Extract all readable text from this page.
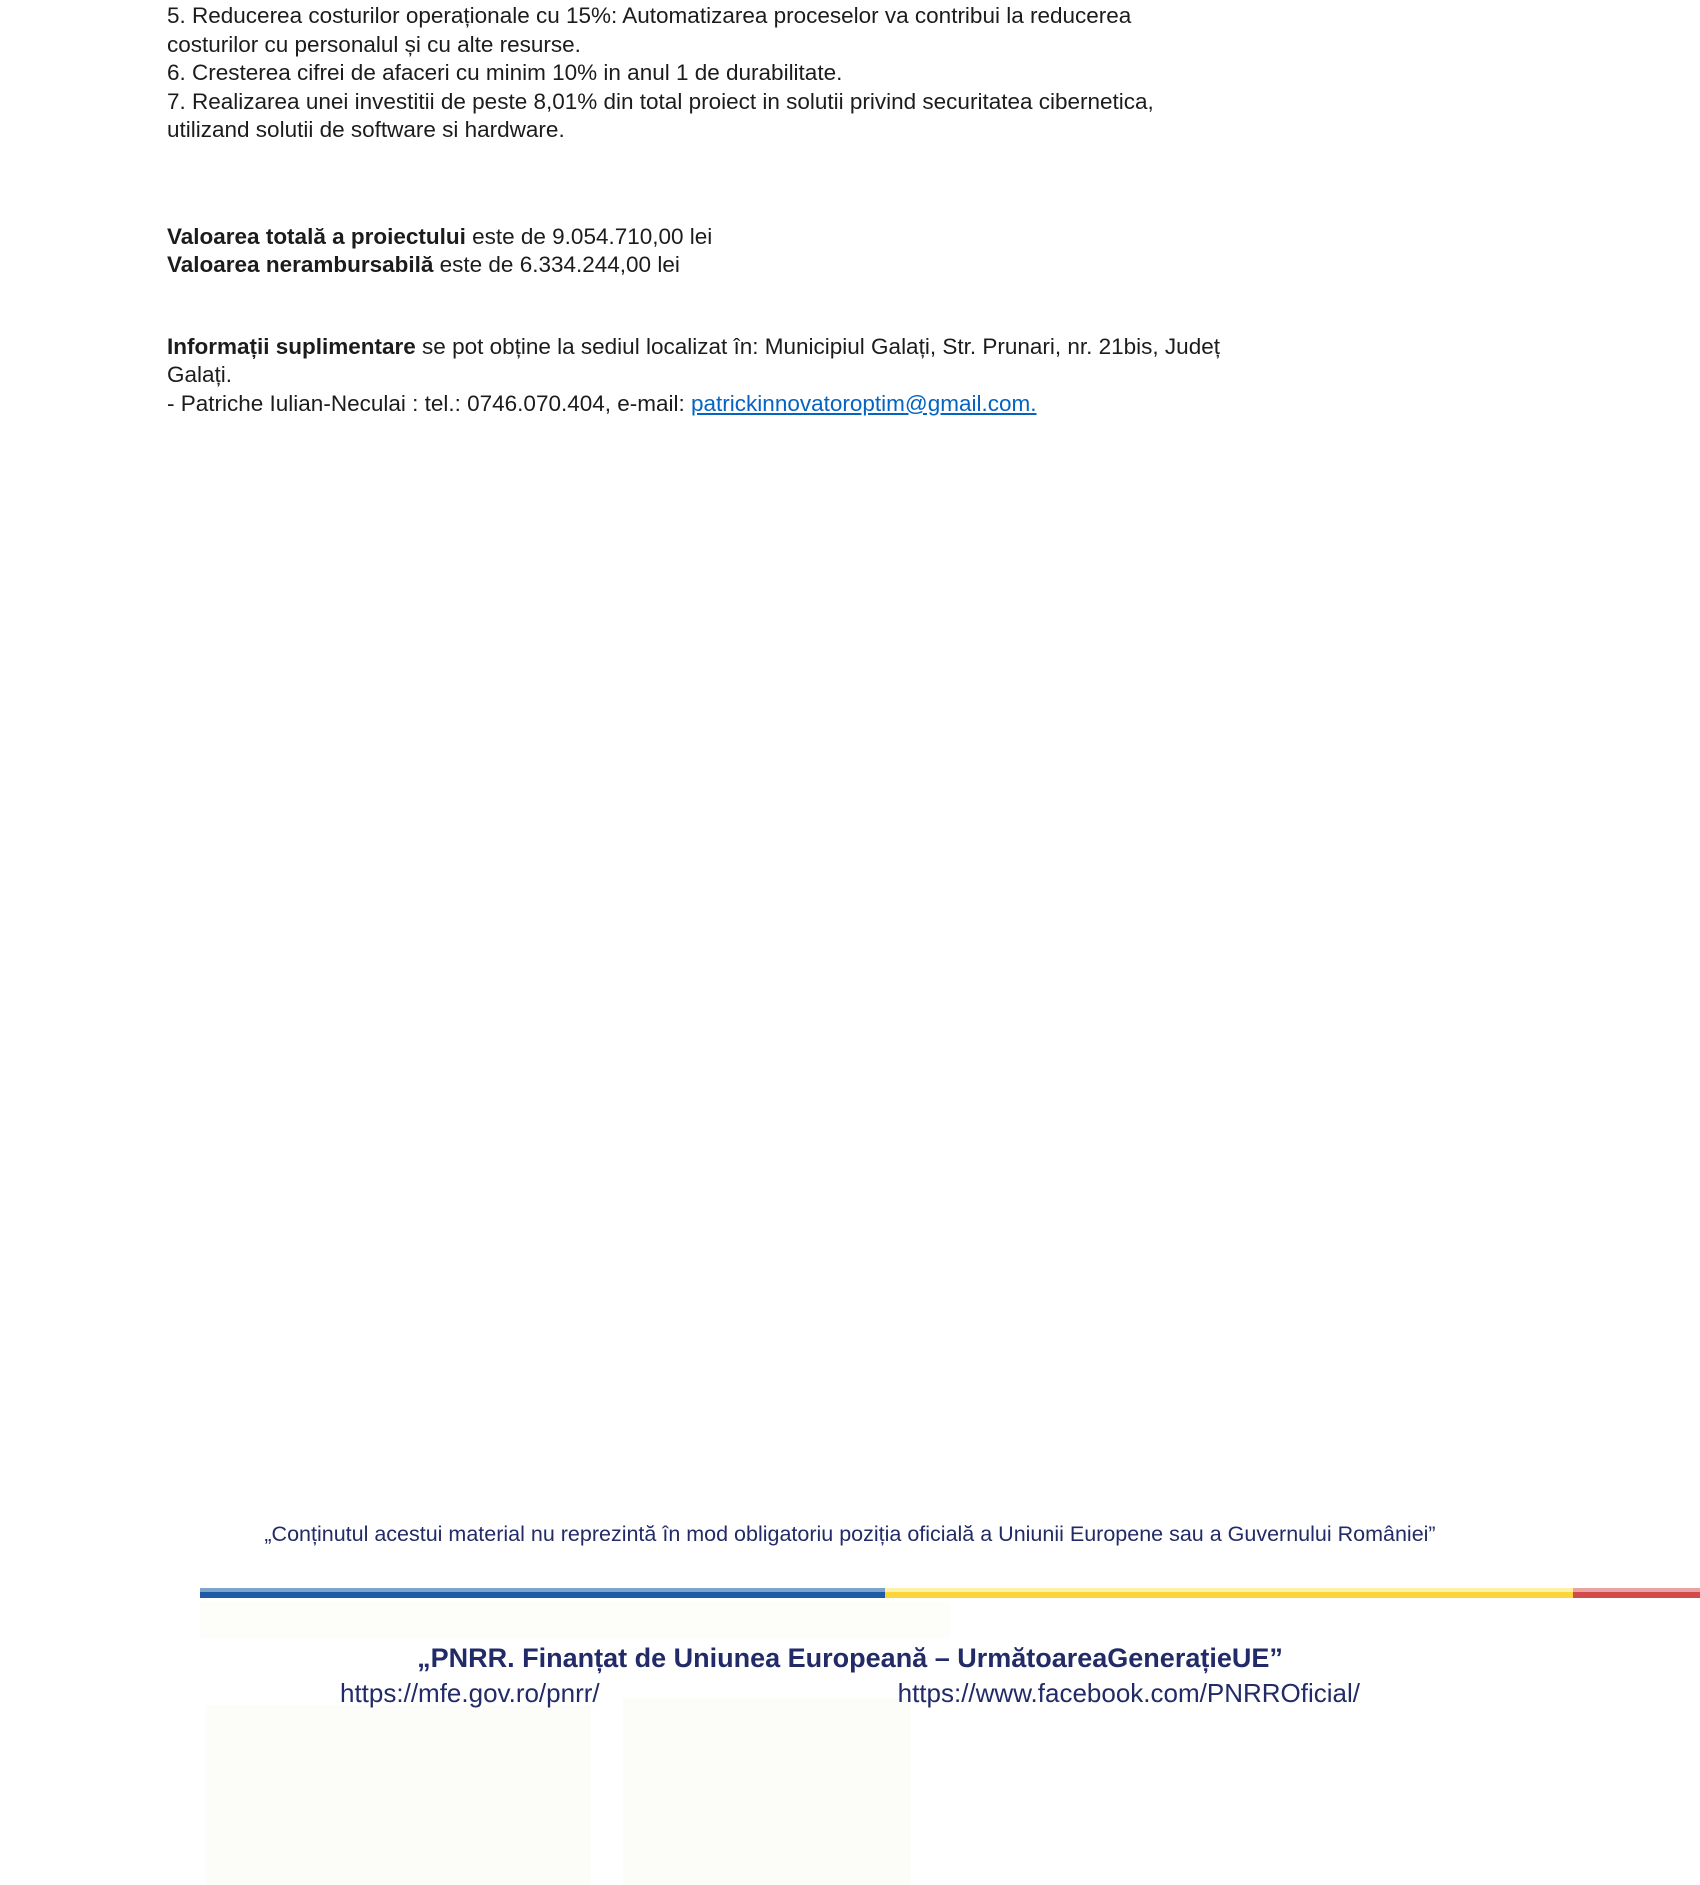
5. Reducerea costurilor operaționale cu 15%: Automatizarea proceselor va contribui la reducerea
costurilor cu personalul și cu alte resurse.
6. Cresterea cifrei de afaceri cu minim 10% in anul 1 de durabilitate.
7. Realizarea unei investitii de peste 8,01% din total proiect in solutii privind securitatea cibernetica,
utilizand solutii de software si hardware.
Valoarea totală a proiectului este de 9.054.710,00 lei
Valoarea nerambursabilă este de 6.334.244,00 lei
Informații suplimentare se pot obține la sediul localizat în: Municipiul Galați, Str. Prunari, nr. 21bis, Județ
Galați.
- Patriche Iulian-Neculai : tel.: 0746.070.404, e-mail: patrickinnovatoroptim@gmail.com.
„Conținutul acestui material nu reprezintă în mod obligatoriu poziția oficială a Uniunii Europene sau a Guvernului României”
„PNRR. Finanțat de Uniunea Europeană – UrmătoareaGenerațieUE”
https://mfe.gov.ro/pnrr/	https://www.facebook.com/PNRROficial/
